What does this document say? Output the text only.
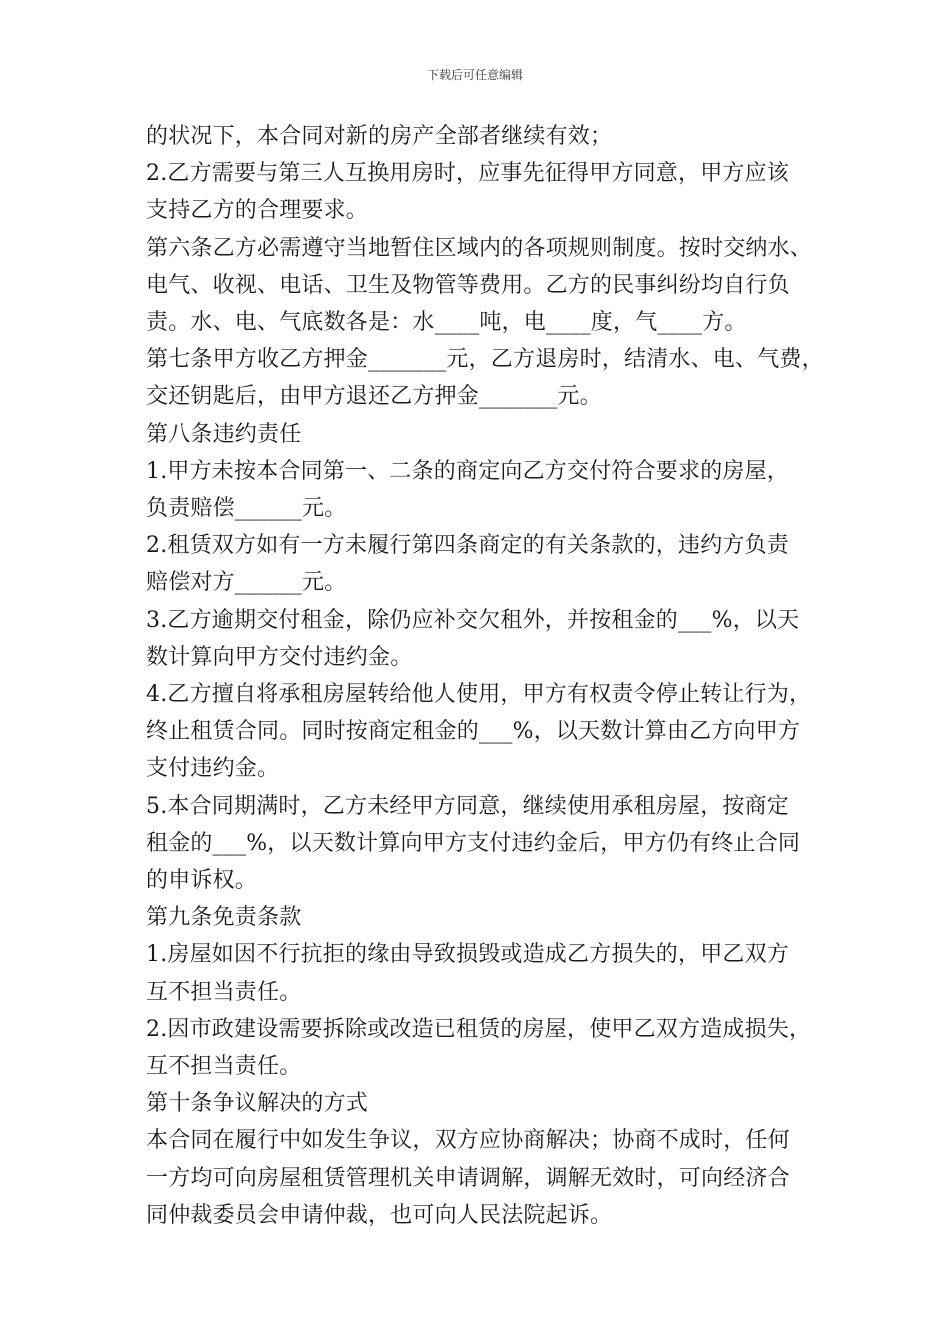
下载后可任意编辑
的状况下，本合同对新的房产全部者继续有效；
2.乙方需要与第三人互换用房时，应事先征得甲方同意，甲方应该
支持乙方的合理要求。
第六条乙方必需遵守当地暂住区域内的各项规则制度。按时交纳水、
电气、收视、电话、卫生及物管等费用。乙方的民事纠纷均自行负
责。水、电、气底数各是：水____吨，电____度，气____方。
第七条甲方收乙方押金_______元，乙方退房时，结清水、电、气费，
交还钥匙后，由甲方退还乙方押金_______元。
第八条违约责任
1.甲方未按本合同第一、二条的商定向乙方交付符合要求的房屋，
负责赔偿______元。
2.租赁双方如有一方未履行第四条商定的有关条款的，违约方负责
赔偿对方______元。
3.乙方逾期交付租金，除仍应补交欠租外，并按租金的___%，以天
数计算向甲方交付违约金。
4.乙方擅自将承租房屋转给他人使用，甲方有权责令停止转让行为，
终止租赁合同。同时按商定租金的___%，以天数计算由乙方向甲方
支付违约金。
5.本合同期满时，乙方未经甲方同意，继续使用承租房屋，按商定
租金的___%，以天数计算向甲方支付违约金后，甲方仍有终止合同
的申诉权。
第九条免责条款
1.房屋如因不行抗拒的缘由导致损毁或造成乙方损失的，甲乙双方
互不担当责任。
2.因市政建设需要拆除或改造已租赁的房屋，使甲乙双方造成损失，
互不担当责任。
第十条争议解决的方式
本合同在履行中如发生争议，双方应协商解决；协商不成时，任何
一方均可向房屋租赁管理机关申请调解，调解无效时，可向经济合
同仲裁委员会申请仲裁，也可向人民法院起诉。
